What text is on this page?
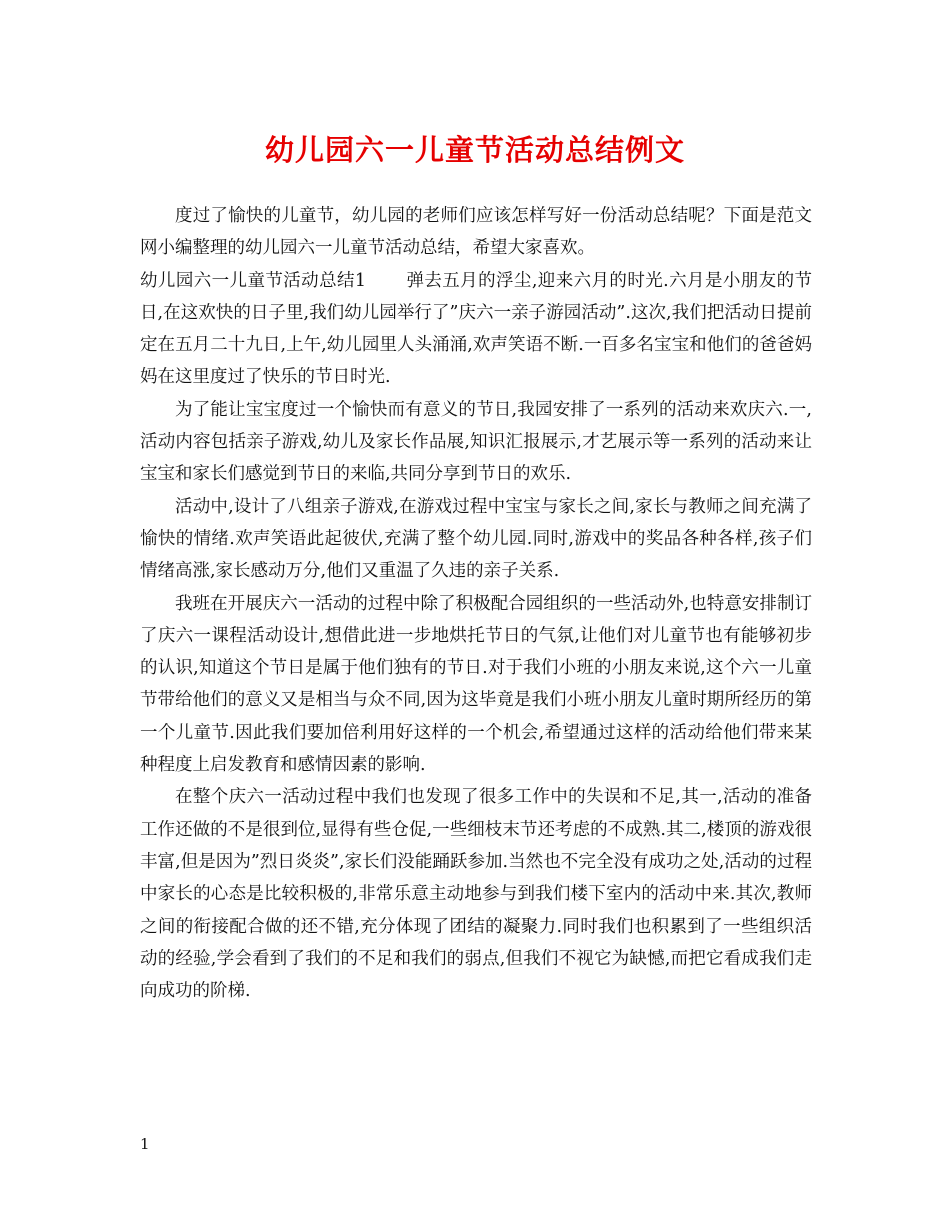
幼儿园六一儿童节活动总结例文

度过了愉快的儿童节，幼儿园的老师们应该怎样写好一份活动总结呢？下面是范文网小编整理的幼儿园六一儿童节活动总结，希望大家喜欢。

幼儿园六一儿童节活动总结1 弹去五月的浮尘,迎来六月的时光.六月是小朋友的节日,在这欢快的日子里,我们幼儿园举行了”庆六一亲子游园活动”.这次,我们把活动日提前定在五月二十九日,上午,幼儿园里人头涌涌,欢声笑语不断.一百多名宝宝和他们的爸爸妈妈在这里度过了快乐的节日时光.

为了能让宝宝度过一个愉快而有意义的节日,我园安排了一系列的活动来欢庆六.一,活动内容包括亲子游戏,幼儿及家长作品展,知识汇报展示,才艺展示等一系列的活动来让宝宝和家长们感觉到节日的来临,共同分享到节日的欢乐.

活动中,设计了八组亲子游戏,在游戏过程中宝宝与家长之间,家长与教师之间充满了愉快的情绪.欢声笑语此起彼伏,充满了整个幼儿园.同时,游戏中的奖品各种各样,孩子们情绪高涨,家长感动万分,他们又重温了久违的亲子关系.

我班在开展庆六一活动的过程中除了积极配合园组织的一些活动外,也特意安排制订了庆六一课程活动设计,想借此进一步地烘托节日的气氛,让他们对儿童节也有能够初步的认识,知道这个节日是属于他们独有的节日.对于我们小班的小朋友来说,这个六一儿童节带给他们的意义又是相当与众不同,因为这毕竟是我们小班小朋友儿童时期所经历的第一个儿童节.因此我们要加倍利用好这样的一个机会,希望通过这样的活动给他们带来某种程度上启发教育和感情因素的影响.

在整个庆六一活动过程中我们也发现了很多工作中的失误和不足,其一,活动的准备工作还做的不是很到位,显得有些仓促,一些细枝末节还考虑的不成熟.其二,楼顶的游戏很丰富,但是因为”烈日炎炎”,家长们没能踊跃参加.当然也不完全没有成功之处,活动的过程中家长的心态是比较积极的,非常乐意主动地参与到我们楼下室内的活动中来.其次,教师之间的衔接配合做的还不错,充分体现了团结的凝聚力.同时我们也积累到了一些组织活动的经验,学会看到了我们的不足和我们的弱点,但我们不视它为缺憾,而把它看成我们走向成功的阶梯.

1
